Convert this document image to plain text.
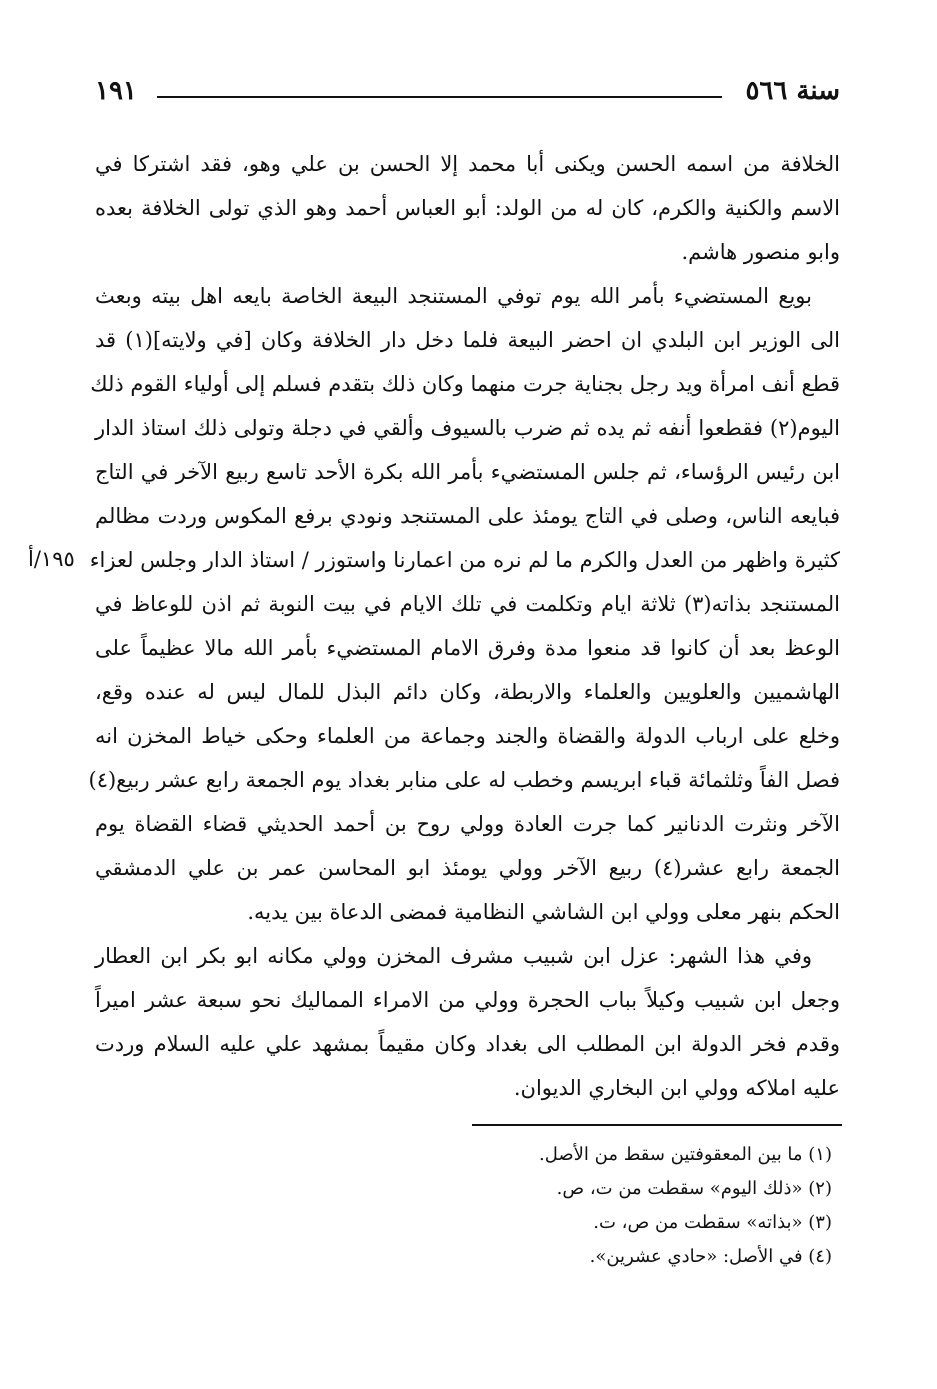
سنة ٥٦٦
١٩١
١٩٥/أ
الخلافة من اسمه الحسن ويكنى أبا محمد إلا الحسن بن علي وهو، فقد اشتركا في
الاسم والكنية والكرم، كان له من الولد: أبو العباس أحمد وهو الذي تولى الخلافة بعده
وابو منصور هاشم.
بويع المستضيء بأمر الله يوم توفي المستنجد البيعة الخاصة بايعه اهل بيته وبعث
الى الوزير ابن البلدي ان احضر البيعة فلما دخل دار الخلافة وكان [في ولايته](١) قد
قطع أنف امرأة ويد رجل بجناية جرت منهما وكان ذلك بتقدم فسلم إلى أولياء القوم ذلك
اليوم(٢) فقطعوا أنفه ثم يده ثم ضرب بالسيوف وألقي في دجلة وتولى ذلك استاذ الدار
ابن رئيس الرؤساء، ثم جلس المستضيء بأمر الله بكرة الأحد تاسع ربيع الآخر في التاج
فبايعه الناس، وصلى في التاج يومئذ على المستنجد ونودي برفع المكوس وردت مظالم
كثيرة واظهر من العدل والكرم ما لم نره من اعمارنا واستوزر / استاذ الدار وجلس لعزاء
المستنجد بذاته(٣) ثلاثة ايام وتكلمت في تلك الايام في بيت النوبة ثم اذن للوعاظ في
الوعظ بعد أن كانوا قد منعوا مدة وفرق الامام المستضيء بأمر الله مالا عظيماً على
الهاشميين والعلويين والعلماء والاربطة، وكان دائم البذل للمال ليس له عنده وقع،
وخلع على ارباب الدولة والقضاة والجند وجماعة من العلماء وحكى خياط المخزن انه
فصل الفاً وثلثمائة قباء ابريسم وخطب له على منابر بغداد يوم الجمعة رابع عشر ربيع(٤)
الآخر ونثرت الدنانير كما جرت العادة وولي روح بن أحمد الحديثي قضاء القضاة يوم
الجمعة رابع عشر(٤) ربيع الآخر وولي يومئذ ابو المحاسن عمر بن علي الدمشقي
الحكم بنهر معلى وولي ابن الشاشي النظامية فمضى الدعاة بين يديه.
وفي هذا الشهر: عزل ابن شبيب مشرف المخزن وولي مكانه ابو بكر ابن العطار
وجعل ابن شبيب وكيلاً بباب الحجرة وولي من الامراء المماليك نحو سبعة عشر اميراً
وقدم فخر الدولة ابن المطلب الى بغداد وكان مقيماً بمشهد علي عليه السلام وردت
عليه املاكه وولي ابن البخاري الديوان.
(١) ما بين المعقوفتين سقط من الأصل.
(٢) «ذلك اليوم» سقطت من ت، ص.
(٣) «بذاته» سقطت من ص، ت.
(٤) في الأصل: «حادي عشرين».
